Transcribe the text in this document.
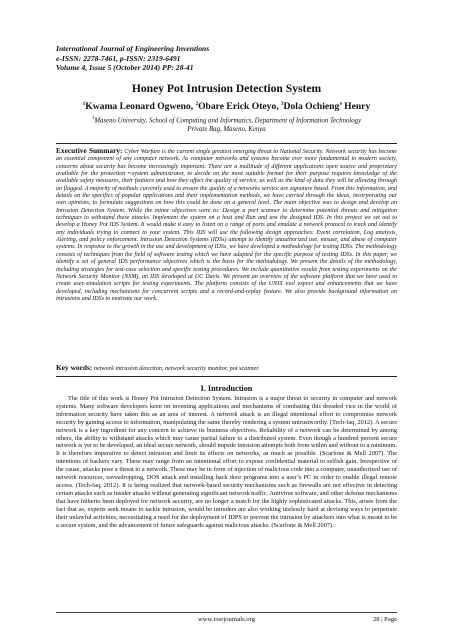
International Journal of Engineering Inventions
e-ISSN: 2278-7461, p-ISSN: 2319-6491
Volume 4, Issue 5 (October 2014) PP: 28-41
Honey Pot Intrusion Detection System
$^1$Kwama Leonard Ogweno, $^2$Obare Erick Oteyo, $^3$Dola Ochieng’ Henry
$^1$Maseno University, School of Computing and Informatics, Department of Information Technology
Private Bag, Maseno, Kenya

Executive Summary: Cyber Warfare is the current single greatest emerging threat to National Security. Network security has become an essential component of any computer network. As computer networks and systems become ever more fundamental to modern society, concerns about security has become increasingly important. There are a multitude of different applications open source and proprietary available for the protection •-system administrator, to decide on the most suitable format for their purpose requires knowledge of the available safety measures, their features and how they affect the quality of service, as well as the kind of data they will be allowing through un flagged. A majority of methods currently used to ensure the quality of a networks service are signature based. From this information, and details on the specifics of popular applications and their implementation methods, we have carried through the ideas, incorporating our own opinions, to formulate suggestions on how this could be done on a general level. The main objective was to design and develop an Intrusion Detection System. While the minor objectives were to: Design a port scanner to determine potential threats and mitigation techniques to withstand these attacks. Implement the system on a host and Run and test the designed IDS. In this project we set out to develop a Honey Pot IDS System. It would make it easy to listen on a range of ports and emulate a network protocol to track and identify any individuals trying to connect to your system. This IDS will use the following design approaches: Event correlation, Log analysis, Alerting, and policy enforcement. Intrusion Detection Systems (IDSs) attempt to identify unauthorized use, misuse, and abuse of computer systems. In response to the growth in the use and development of IDSs, we have developed a methodology for testing IDSs. The methodology consists of techniques from the field of software testing which we have adapted for the specific purpose of testing IDSs. In this paper, we identify a set of general IDS performance objectives which is the basis for the methodology. We present the details of the methodology, including strategies for test-case selection and specific testing procedures. We include quantitative results from testing experiments on the Network Security Monitor (NSM), an IDS developed at UC Davis. We present an overview of the software platform that we have used to create user-simulation scripts for testing experiments. The platform consists of the UNIX tool expect and enhancements that we have developed, including mechanisms for concurrent scripts and a record-and-replay feature. We also provide background information on intrusions and IDSs to motivate our work.

Key words: network intrusion detection, network security monitor, pot scanner.
I. Introduction

The title of this work is Honey Pot Intrusion Detection System. Intrusion is a major threat to security in computer and network systems. Many software developers keen on inventing applications and mechanisms of combating this dreaded vice in the world of information security have taken this as an area of interest. A network attack is an illegal intentional effort to compromise network security by gaining access to information, manipulating the same thereby rendering a system untrustworthy. (Tech-faq, 2012). A secure network is a key ingredient for any concern to achieve its business objectives. Reliability of a network can be determined by among others, the ability to withstand attacks which may cause partial failure to a distributed system. Even though a hundred percent secure network is yet to be developed, an ideal secure network, should impede intrusion attempts both from within and without to a minimum. It is therefore imperative to detect intrusion and limit its effects on networks, as much as possible. (Scarfone & Mell 2007). The intentions of hackers vary. These may range from an intentional effort to expose confidential material to selfish gain. Irrespective of the cause, attacks pose a threat to a network. These may be in form of injection of malicious code into a computer, unauthorized use of network resources, eavesdropping, DOS attack and installing back door programs into a user’s PC in order to enable illegal remote access. (Tech-faq, 2012). It is being realized that network-based security mechanisms such as firewalls are not effective in detecting certain attacks such as insider attacks without generating significant network traffic. Antivirus software, and other defense mechanisms that have hitherto been deployed for network security, are no longer a match for the highly sophisticated attacks. This, arises from the fact that as, experts seek means to tackle intrusion, would be intruders are also working tirelessly hard at devising ways to perpetrate their unlawful activities, necessitating a need for the deployment of IDPS to prevent the intrusion by attackers into what is meant to be a secure system, and the advancement of future safeguards against malicious attacks. (Scarfone & Mell 2007).

www.iosrjournals.org	28 | Page
